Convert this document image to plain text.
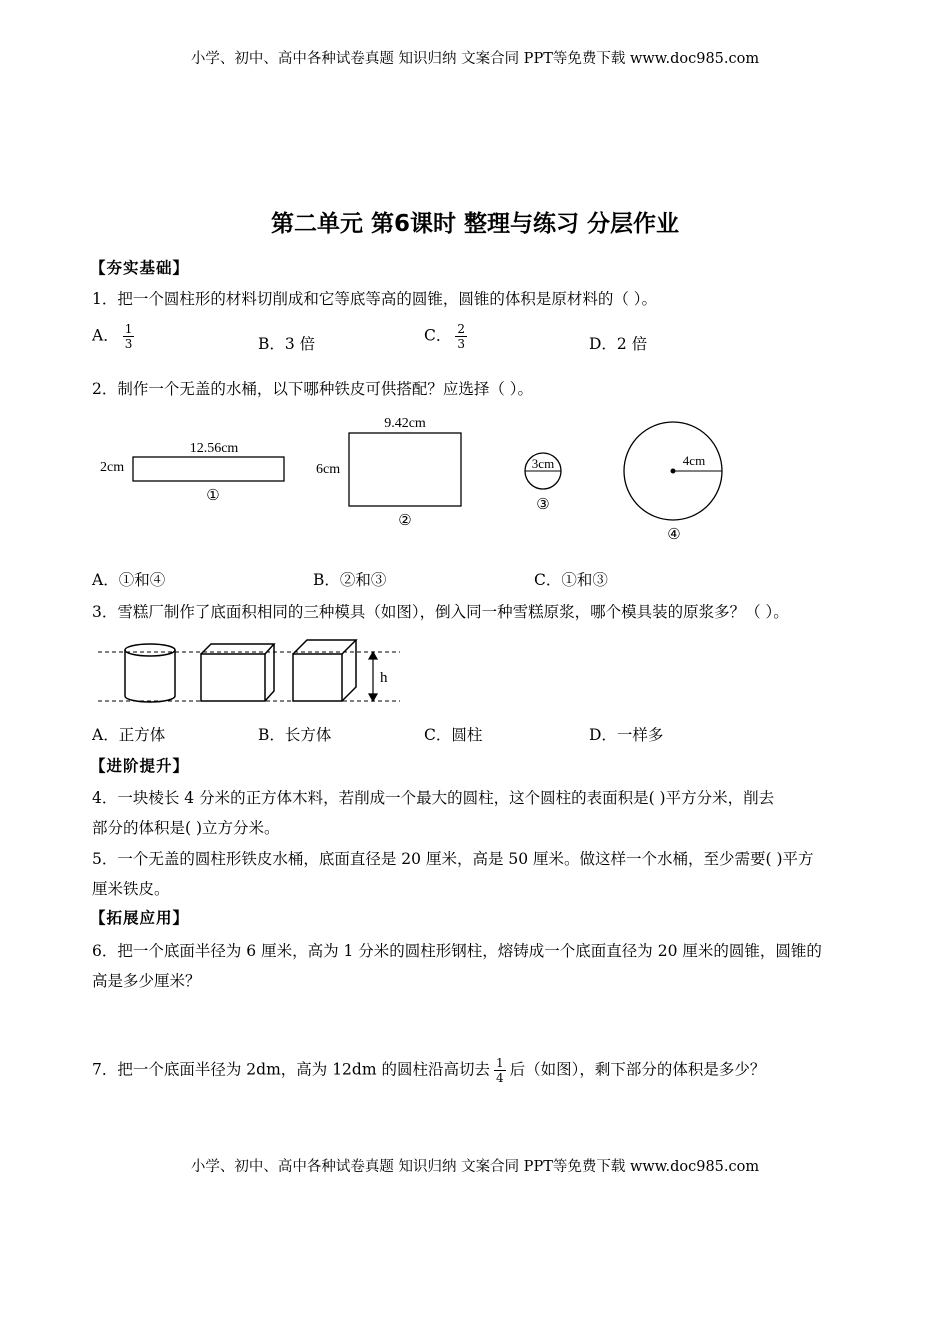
小学、初中、高中各种试卷真题 知识归纳 文案合同 PPT等免费下载 www.doc985.com
第二单元 第6课时 整理与练习 分层作业
【夯实基础】
1．把一个圆柱形的材料切削成和它等底等高的圆锥，圆锥的体积是原材料的（ ）。
A． $\frac{1}{3}$	B．3 倍	C． $\frac{2}{3}$	D．2 倍
2．制作一个无盖的水桶，以下哪种铁皮可供搭配？应选择（ ）。
12.56cm
2cm
①
9.42cm
6cm
②
3cm
③
4cm
④
A．①和④	B．②和③	C．①和③
3．雪糕厂制作了底面积相同的三种模具（如图），倒入同一种雪糕原浆，哪个模具装的原浆多？（ ）。
h
A．正方体	B．长方体	C．圆柱	D．一样多
【进阶提升】
4．一块棱长 4 分米的正方体木料，若削成一个最大的圆柱，这个圆柱的表面积是( )平方分米，削去
部分的体积是( )立方分米。
5．一个无盖的圆柱形铁皮水桶，底面直径是 20 厘米，高是 50 厘米。做这样一个水桶，至少需要( )平方
厘米铁皮。
【拓展应用】
6．把一个底面半径为 6 厘米，高为 1 分米的圆柱形钢柱，熔铸成一个底面直径为 20 厘米的圆锥，圆锥的
高是多少厘米？
7．把一个底面半径为 2dm，高为 12dm 的圆柱沿高切去 $\frac{1}{4}$ 后（如图），剩下部分的体积是多少？
小学、初中、高中各种试卷真题 知识归纳 文案合同 PPT等免费下载 www.doc985.com
